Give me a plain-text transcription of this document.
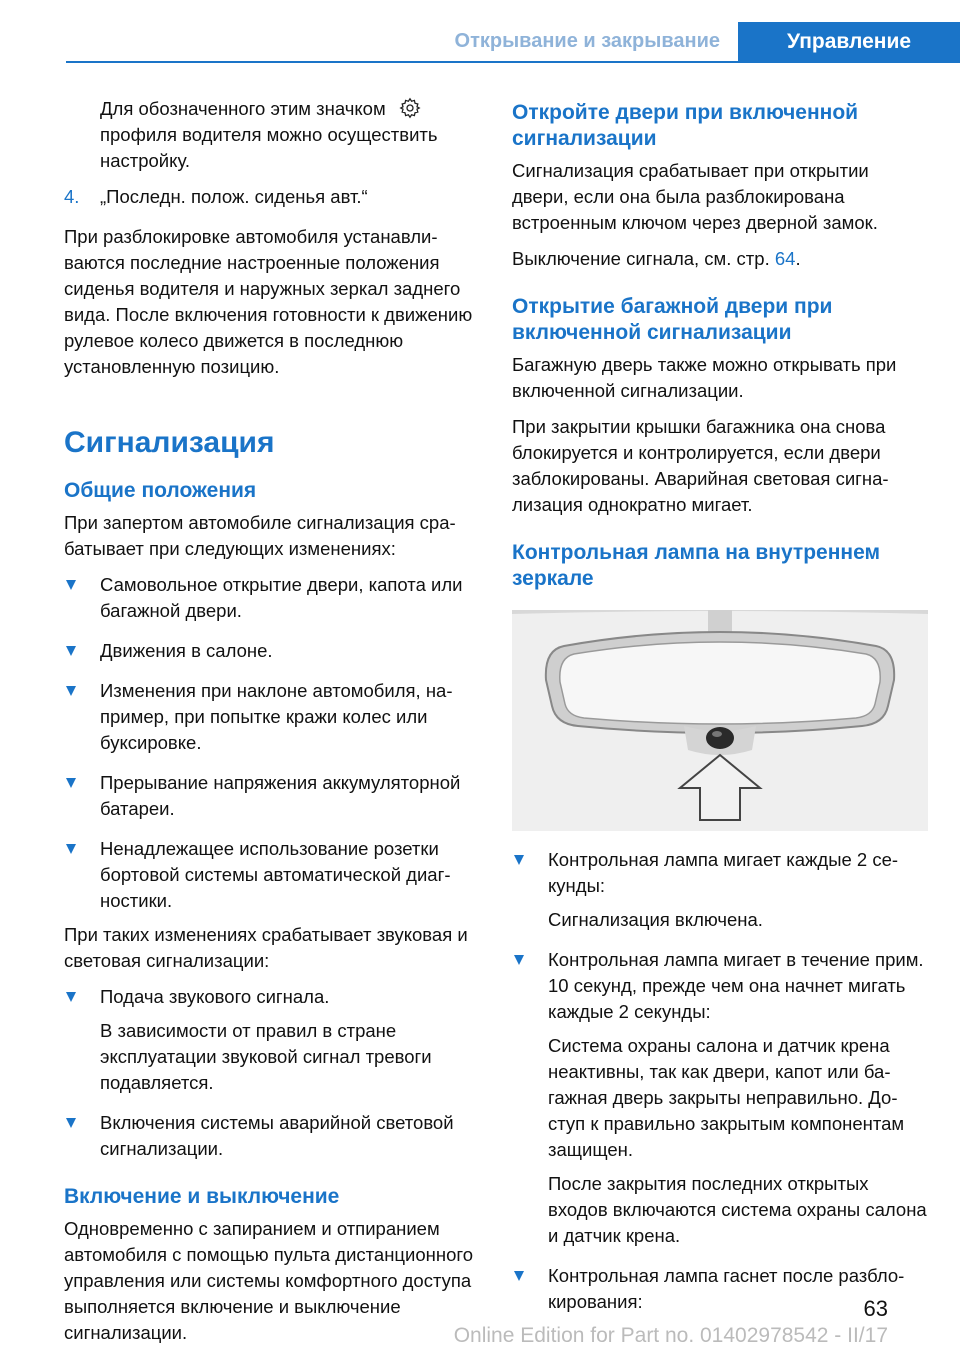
Открывание и закрывание	Управление

Для обозначенного этим значком
профиля водителя можно осуществить настройку.

4. „Последн. полож. сиденья авт.“

При разблокировке автомобиля устанавливаются последние настроенные положения сиденья водителя и наружных зеркал заднего вида. После включения готовности к движению рулевое колесо движется в последнюю установленную позицию.

Сигнализация
Общие положения

При запертом автомобиле сигнализация срабатывает при следующих изменениях:

Самовольное открытие двери, капота или багажной двери.
Движения в салоне.
Изменения при наклоне автомобиля, например, при попытке кражи колес или буксировке.
Прерывание напряжения аккумуляторной батареи.
Ненадлежащее использование розетки бортовой системы автоматической диагностики.

При таких изменениях срабатывает звуковая и световая сигнализации:

Подача звукового сигнала.
В зависимости от правил в стране эксплуатации звуковой сигнал тревоги подавляется.
Включения системы аварийной световой сигнализации.
Включение и выключение

Одновременно с запиранием и отпиранием автомобиля с помощью пульта дистанционного управления или системы комфортного доступа выполняется включение и выключение сигнализации.

Откройте двери при включенной сигнализации

Сигнализация срабатывает при открытии двери, если она была разблокирована встроенным ключом через дверной замок.

Выключение сигнала, см. стр. 64.

Открытие багажной двери при включенной сигнализации

Багажную дверь также можно открывать при включенной сигнализации.

При закрытии крышки багажника она снова блокируется и контролируется, если двери заблокированы. Аварийная световая сигнализация однократно мигает.

Контрольная лампа на внутреннем зеркале
Контрольная лампа мигает каждые 2 секунды:
Сигнализация включена.
Контрольная лампа мигает в течение прим. 10 секунд, прежде чем она начнет мигать каждые 2 секунды:
Система охраны салона и датчик крена неактивны, так как двери, капот или багажная дверь закрыты неправильно. Доступ к правильно закрытым компонентам защищен.
После закрытия последних открытых входов включаются система охраны салона и датчик крена.
Контрольная лампа гаснет после разблокирования:	63
Online Edition for Part no. 01402978542 - II/17
